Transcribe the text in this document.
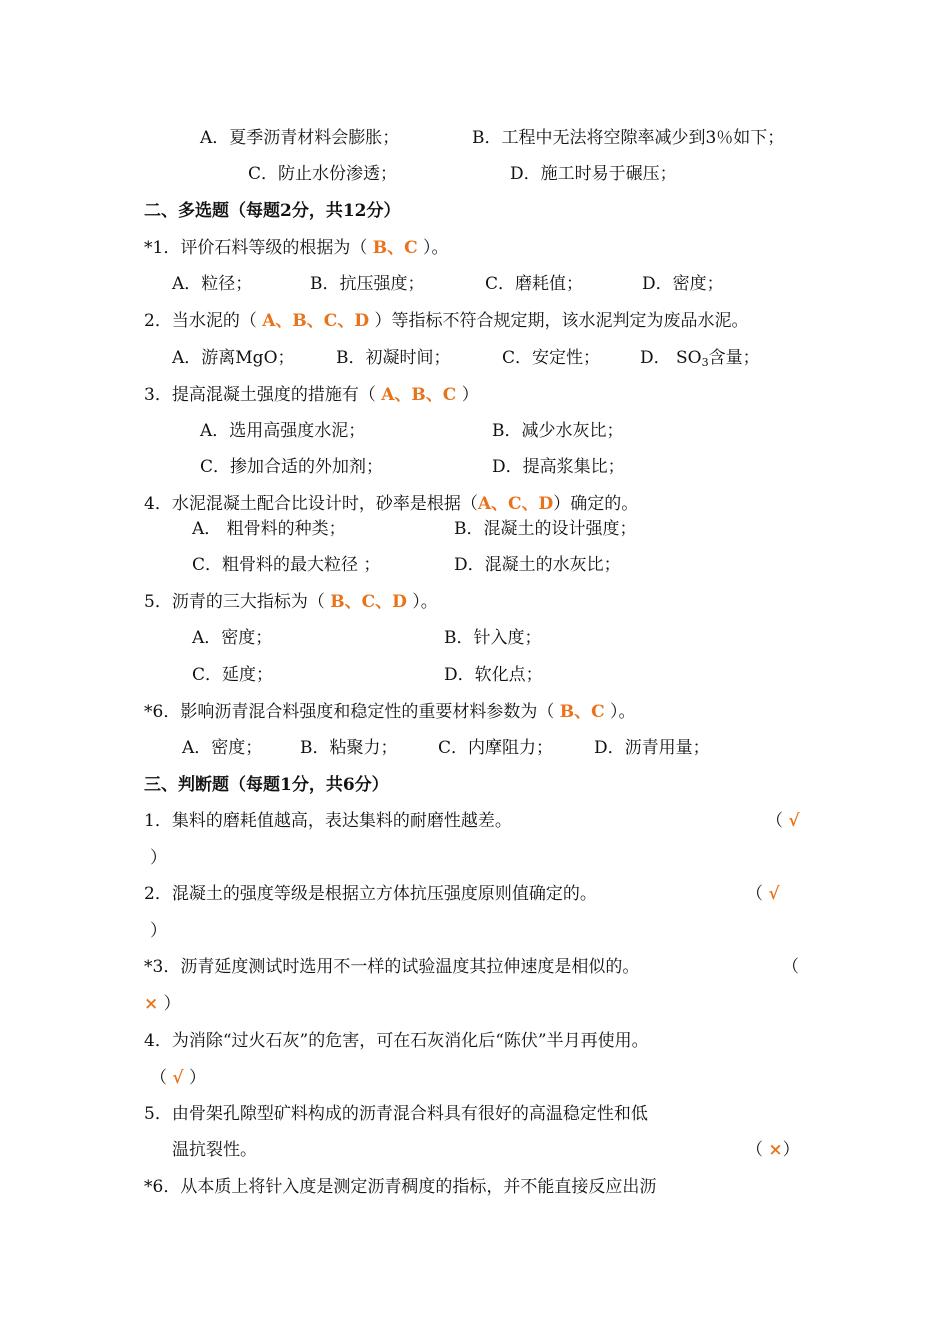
A．夏季沥青材料会膨胀；	B．工程中无法将空隙率减少到3％如下；
C．防止水份渗透；	D．施工时易于碾压；
二、多选题（每题2分，共12分）
*1．评价石料等级的根据为（ B、C ）。
A．粒径；	B．抗压强度；	C．磨耗值；	D．密度；
2．当水泥的（ A、B、C、D ）等指标不符合规定期，该水泥判定为废品水泥。
A．游离MgO； B．初凝时间；	C．安定性； D． $SO_3$含量；
3．提高混凝土强度的措施有（ A、B、C ）
A．选用高强度水泥；	B．减少水灰比；
C．掺加合适的外加剂；	D．提高浆集比；
4．水泥混凝土配合比设计时，砂率是根据（A、C、D）确定的。
A． 粗骨料的种类；	B．混凝土的设计强度；
C．粗骨料的最大粒径 ；	D．混凝土的水灰比；
5．沥青的三大指标为（ B、C、D ）。
A．密度；	B．针入度；
C．延度；	D．软化点；
*6．影响沥青混合料强度和稳定性的重要材料参数为（ B、C ）。
A．密度； B．粘聚力； C．内摩阻力； D．沥青用量；
三、判断题（每题1分，共6分）
1．集料的磨耗值越高，表达集料的耐磨性越差。	（ √
）
2．混凝土的强度等级是根据立方体抗压强度原则值确定的。	（ √
）
*3．沥青延度测试时选用不一样的试验温度其拉伸速度是相似的。	（
× ）
4．为消除“过火石灰”的危害，可在石灰消化后“陈伏”半月再使用。
（ √ ）
5．由骨架孔隙型矿料构成的沥青混合料具有很好的高温稳定性和低
温抗裂性。	（ ×）
*6．从本质上将针入度是测定沥青稠度的指标，并不能直接反应出沥
